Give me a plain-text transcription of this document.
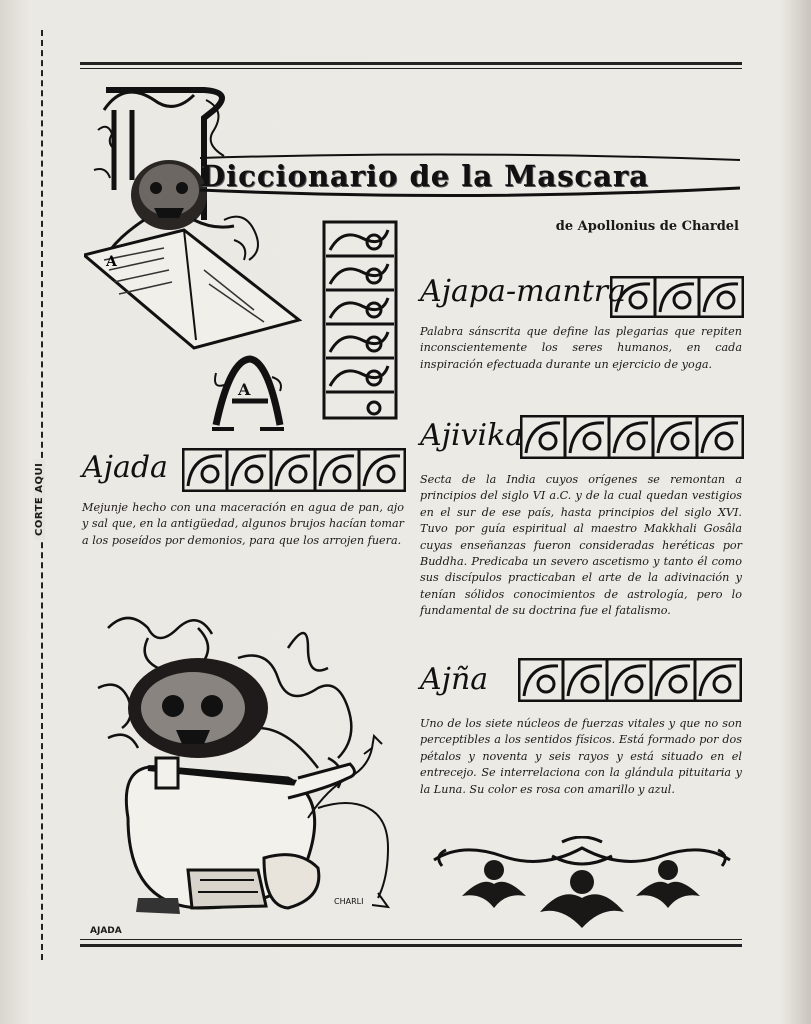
CORTE AQUI
A
Diccionario de la Mascara
de Apollonius de Chardel
A
Ajapa-mantra
Palabra sánscrita que define las plegarias que repiten inconscientemente los seres humanos, en cada inspiración efectuada durante un ejercicio de yoga.
Ajivika
Secta de la India cuyos orígenes se remontan a principios del siglo VI a.C. y de la cual quedan vestigios en el sur de ese país, hasta principios del siglo XVI. Tuvo por guía espiritual al maestro Makkhali Gosâla cuyas enseñanzas fueron consideradas heréticas por Buddha. Predicaba un severo ascetismo y tanto él como sus discípulos practicaban el arte de la adivinación y tenían sólidos conocimientos de astrología, pero lo fundamental de su doctrina fue el fatalismo.
Ajada
Mejunje hecho con una maceración en agua de pan, ajo y sal que, en la antigüedad, algunos brujos hacían tomar a los poseídos por demonios, para que los arrojen fuera.
Ajña
Uno de los siete núcleos de fuerzas vitales y que no son perceptibles a los sentidos físicos. Está formado por dos pétalos y noventa y seis rayos y está situado en el entrecejo. Se interrelaciona con la glándula pituitaria y la Luna. Su color es rosa con amarillo y azul.
CHARLI
AJADA
